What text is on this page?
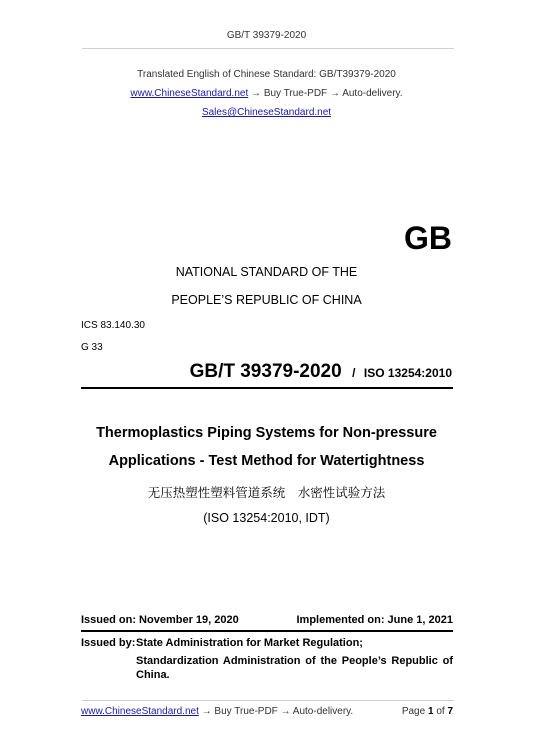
GB/T 39379-2020
Translated English of Chinese Standard: GB/T39379-2020
www.ChineseStandard.net → Buy True-PDF → Auto-delivery.
Sales@ChineseStandard.net
GB
NATIONAL STANDARD OF THE
PEOPLE’S REPUBLIC OF CHINA
ICS 83.140.30
G 33
GB/T 39379-2020 / ISO 13254:2010
Thermoplastics Piping Systems for Non-pressure
Applications - Test Method for Watertightness
无压热塑性塑料管道系统　水密性试验方法
(ISO 13254:2010, IDT)
Issued on: November 19, 2020	Implemented on: June 1, 2021
Issued by: State Administration for Market Regulation;
Standardization Administration of the People’s Republic of
China.
www.ChineseStandard.net → Buy True-PDF → Auto-delivery.	Page 1 of 7
